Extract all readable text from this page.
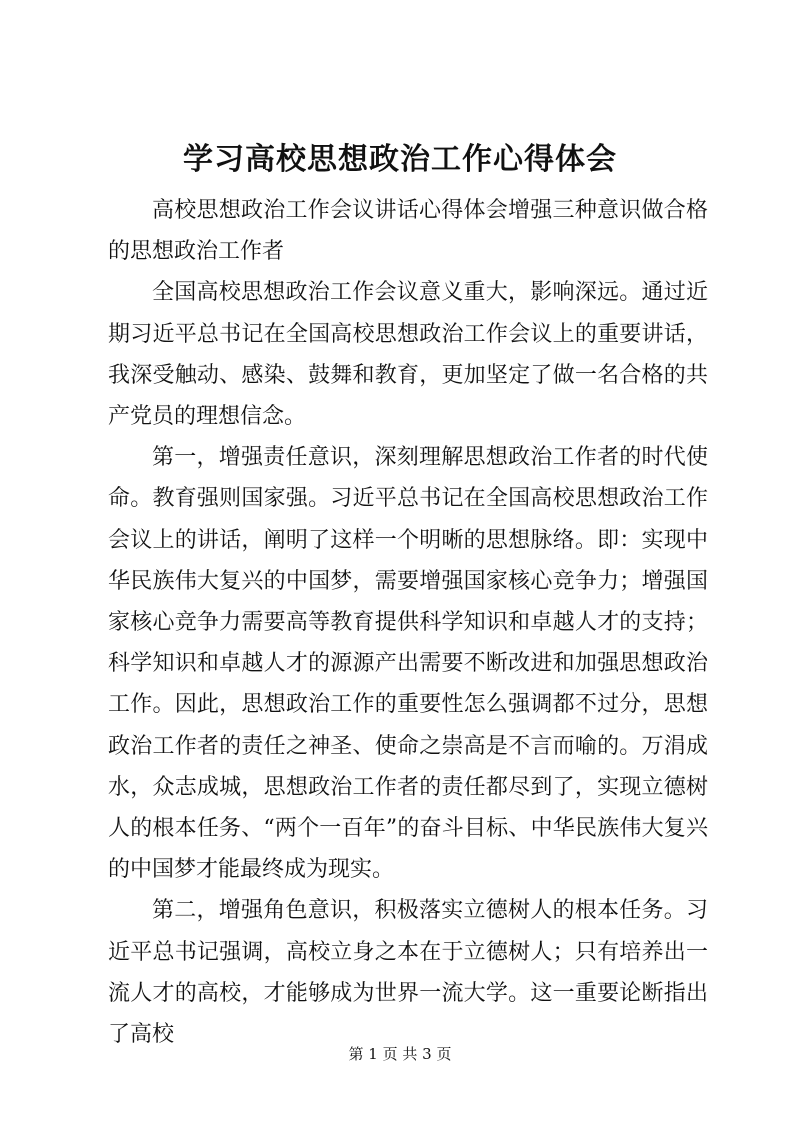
学习高校思想政治工作心得体会

高校思想政治工作会议讲话心得体会增强三种意识做合格的思想政治工作者

全国高校思想政治工作会议意义重大，影响深远。通过近期习近平总书记在全国高校思想政治工作会议上的重要讲话，我深受触动、感染、鼓舞和教育，更加坚定了做一名合格的共产党员的理想信念。

第一，增强责任意识，深刻理解思想政治工作者的时代使命。教育强则国家强。习近平总书记在全国高校思想政治工作会议上的讲话，阐明了这样一个明晰的思想脉络。即：实现中华民族伟大复兴的中国梦，需要增强国家核心竞争力；增强国家核心竞争力需要高等教育提供科学知识和卓越人才的支持；科学知识和卓越人才的源源产出需要不断改进和加强思想政治工作。因此，思想政治工作的重要性怎么强调都不过分，思想政治工作者的责任之神圣、使命之崇高是不言而喻的。万涓成水，众志成城，思想政治工作者的责任都尽到了，实现立德树人的根本任务、“两个一百年”的奋斗目标、中华民族伟大复兴的中国梦才能最终成为现实。

第二，增强角色意识，积极落实立德树人的根本任务。习近平总书记强调，高校立身之本在于立德树人；只有培养出一流人才的高校，才能够成为世界一流大学。这一重要论断指出了高校

第 1 页 共 3 页
